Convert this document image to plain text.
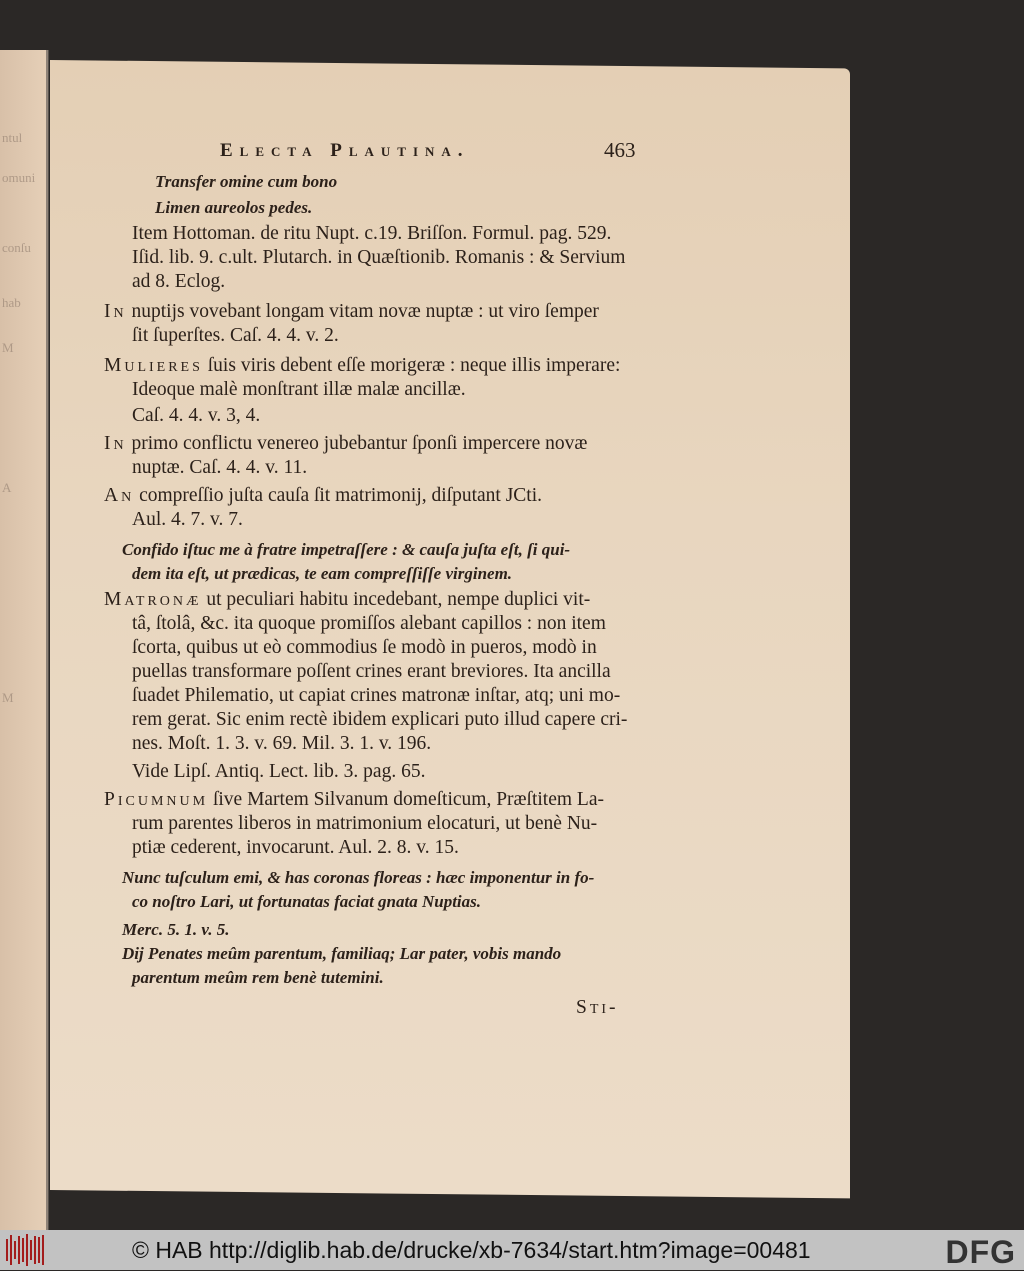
ntul
omuni
conſu
hab
M
A
M
Electa Plautina.	463
Transfer omine cum bono
Limen aureolos pedes.
Item Hottoman. de ritu Nupt. c.19. Briſſon. Formul. pag. 529.
Iſid. lib. 9. c.ult. Plutarch. in Quæſtionib. Romanis : & Servium
ad 8. Eclog.
In nuptijs vovebant longam vitam novæ nuptæ : ut viro ſemper
ſit ſuperſtes. Caſ. 4. 4. v. 2.
Mulieres ſuis viris debent eſſe morigeræ : neque illis imperare:
Ideoque malè monſtrant illæ malæ ancillæ.
Caſ. 4. 4. v. 3, 4.
In primo conflictu venereo jubebantur ſponſi impercere novæ
nuptæ. Caſ. 4. 4. v. 11.
An compreſſio juſta cauſa ſit matrimonij, diſputant JCti.
Aul. 4. 7. v. 7.
Confido iſtuc me à fratre impetraſſere : & cauſa juſta eſt, ſi qui-
dem ita eſt, ut prædicas, te eam compreſſiſſe virginem.
Matronæ ut peculiari habitu incedebant, nempe duplici vit-
tâ, ſtolâ, &c. ita quoque promiſſos alebant capillos : non item
ſcorta, quibus ut eò commodius ſe modò in pueros, modò in
puellas transformare poſſent crines erant breviores. Ita ancilla
ſuadet Philematio, ut capiat crines matronæ inſtar, atq; uni mo-
rem gerat. Sic enim rectè ibidem explicari puto illud capere cri-
nes. Moſt. 1. 3. v. 69. Mil. 3. 1. v. 196.
Vide Lipſ. Antiq. Lect. lib. 3. pag. 65.
Picumnum ſive Martem Silvanum domeſticum, Præſtitem La-
rum parentes liberos in matrimonium elocaturi, ut benè Nu-
ptiæ cederent, invocarunt. Aul. 2. 8. v. 15.
Nunc tuſculum emi, & has coronas floreas : hæc imponentur in fo-
co noſtro Lari, ut fortunatas faciat gnata Nuptias.
Merc. 5. 1. v. 5.
Dij Penates meûm parentum, familiaq; Lar pater, vobis mando
parentum meûm rem benè tutemini.
Sti-
© HAB http://diglib.hab.de/drucke/xb-7634/start.htm?image=00481	DFG
